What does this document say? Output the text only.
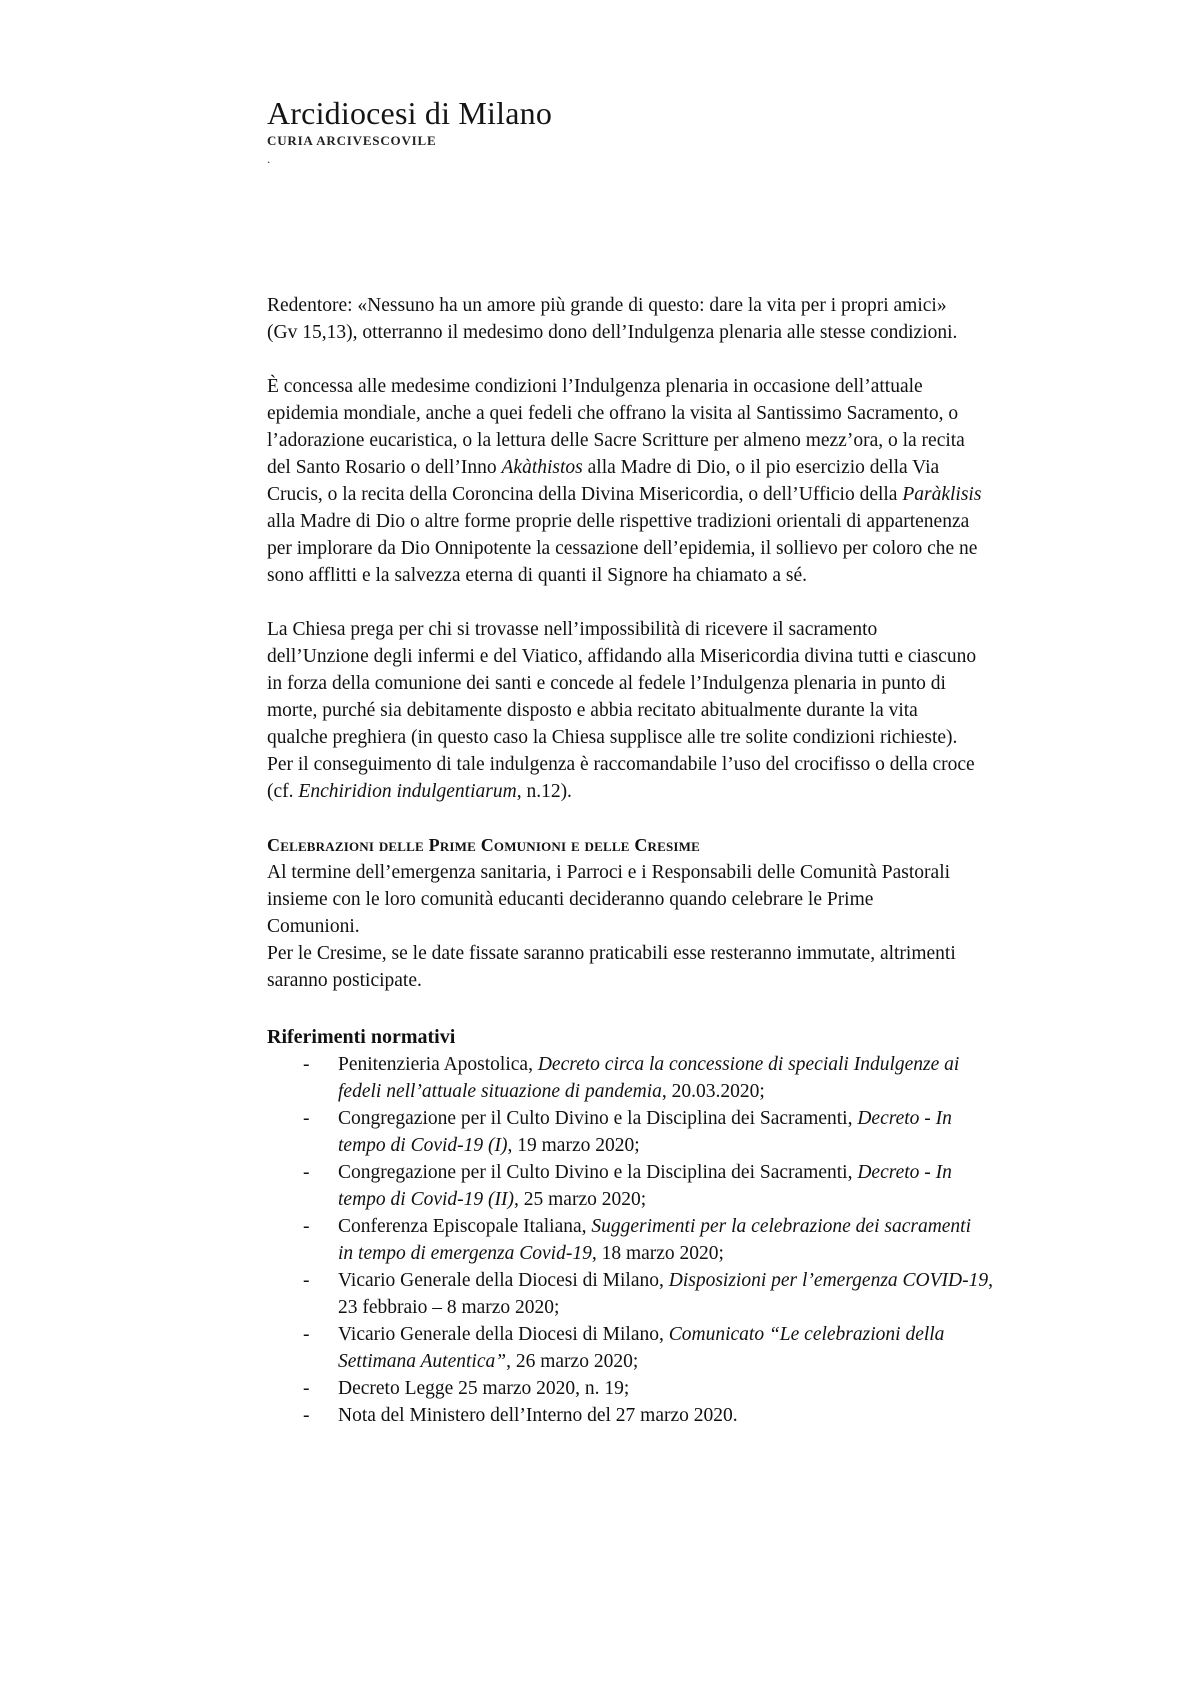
Arcidiocesi di Milano
CURIA ARCIVESCOVILE
.
Redentore: «Nessuno ha un amore più grande di questo: dare la vita per i propri amici»
(Gv 15,13), otterranno il medesimo dono dell’Indulgenza plenaria alle stesse condizioni.
È concessa alle medesime condizioni l’Indulgenza plenaria in occasione dell’attuale
epidemia mondiale, anche a quei fedeli che offrano la visita al Santissimo Sacramento, o
l’adorazione eucaristica, o la lettura delle Sacre Scritture per almeno mezz’ora, o la recita
del Santo Rosario o dell’Inno Akàthistos alla Madre di Dio, o il pio esercizio della Via
Crucis, o la recita della Coroncina della Divina Misericordia, o dell’Ufficio della Paràklisis
alla Madre di Dio o altre forme proprie delle rispettive tradizioni orientali di appartenenza
per implorare da Dio Onnipotente la cessazione dell’epidemia, il sollievo per coloro che ne
sono afflitti e la salvezza eterna di quanti il Signore ha chiamato a sé.
La Chiesa prega per chi si trovasse nell’impossibilità di ricevere il sacramento
dell’Unzione degli infermi e del Viatico, affidando alla Misericordia divina tutti e ciascuno
in forza della comunione dei santi e concede al fedele l’Indulgenza plenaria in punto di
morte, purché sia debitamente disposto e abbia recitato abitualmente durante la vita
qualche preghiera (in questo caso la Chiesa supplisce alle tre solite condizioni richieste).
Per il conseguimento di tale indulgenza è raccomandabile l’uso del crocifisso o della croce
(cf. Enchiridion indulgentiarum, n.12).
Celebrazioni delle Prime Comunioni e delle Cresime
Al termine dell’emergenza sanitaria, i Parroci e i Responsabili delle Comunità Pastorali
insieme con le loro comunità educanti decideranno quando celebrare le Prime
Comunioni.
Per le Cresime, se le date fissate saranno praticabili esse resteranno immutate, altrimenti
saranno posticipate.
Riferimenti normativi
- Penitenzieria Apostolica, Decreto circa la concessione di speciali Indulgenze ai
fedeli nell’attuale situazione di pandemia, 20.03.2020;
- Congregazione per il Culto Divino e la Disciplina dei Sacramenti, Decreto - In
tempo di Covid-19 (I), 19 marzo 2020;
- Congregazione per il Culto Divino e la Disciplina dei Sacramenti, Decreto - In
tempo di Covid-19 (II), 25 marzo 2020;
- Conferenza Episcopale Italiana, Suggerimenti per la celebrazione dei sacramenti
in tempo di emergenza Covid-19, 18 marzo 2020;
- Vicario Generale della Diocesi di Milano, Disposizioni per l’emergenza COVID-19,
23 febbraio – 8 marzo 2020;
- Vicario Generale della Diocesi di Milano, Comunicato “Le celebrazioni della
Settimana Autentica”, 26 marzo 2020;
- Decreto Legge 25 marzo 2020, n. 19;
- Nota del Ministero dell’Interno del 27 marzo 2020.
